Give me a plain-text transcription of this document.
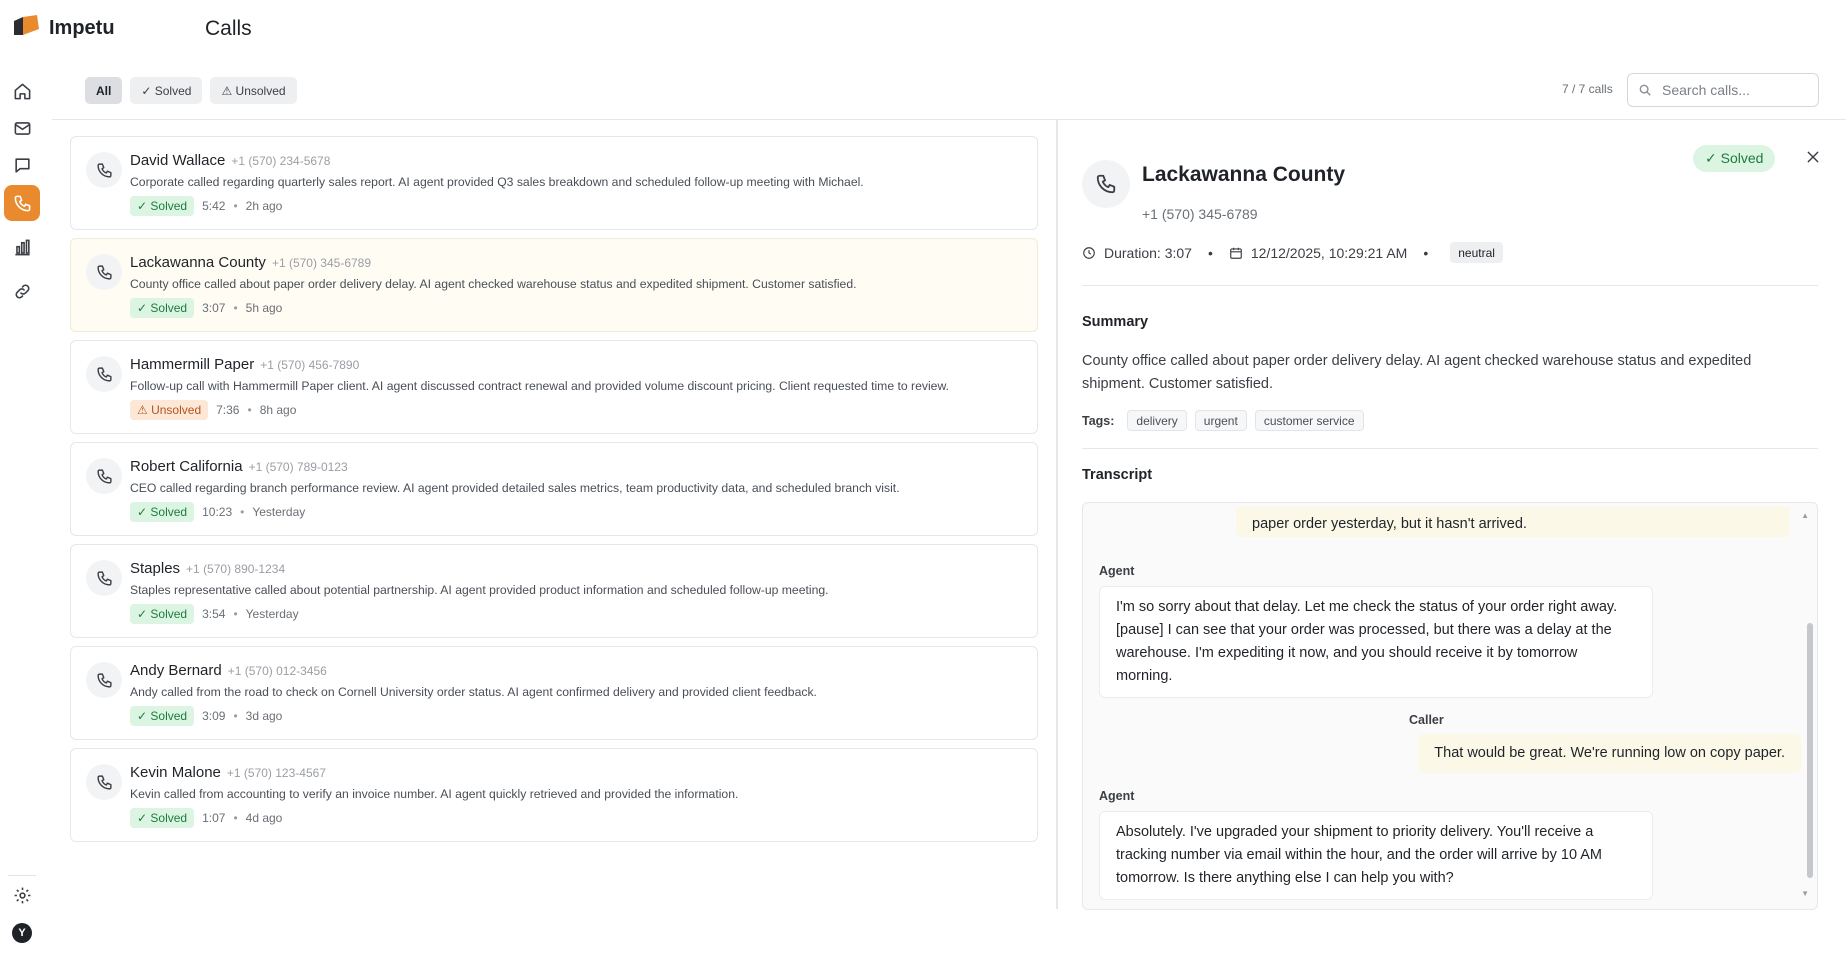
Y
Impetu	Calls
All	✓ Solved	⚠ Unsolved	7 / 7 calls
Search calls...
David Wallace +1 (570) 234-5678
Corporate called regarding quarterly sales report. AI agent provided Q3 sales breakdown and scheduled follow-up meeting with Michael.
✓ Solved	5:42 • 2h ago
Lackawanna County +1 (570) 345-6789
County office called about paper order delivery delay. AI agent checked warehouse status and expedited shipment. Customer satisfied.
✓ Solved	3:07 • 5h ago
Hammermill Paper +1 (570) 456-7890
Follow-up call with Hammermill Paper client. AI agent discussed contract renewal and provided volume discount pricing. Client requested time to review.
⚠ Unsolved	7:36 • 8h ago
Robert California +1 (570) 789-0123
CEO called regarding branch performance review. AI agent provided detailed sales metrics, team productivity data, and scheduled branch visit.
✓ Solved	10:23 • Yesterday
Staples +1 (570) 890-1234
Staples representative called about potential partnership. AI agent provided product information and scheduled follow-up meeting.
✓ Solved	3:54 • Yesterday
Andy Bernard +1 (570) 012-3456
Andy called from the road to check on Cornell University order status. AI agent confirmed delivery and provided client feedback.
✓ Solved	3:09 • 3d ago
Kevin Malone +1 (570) 123-4567
Kevin called from accounting to verify an invoice number. AI agent quickly retrieved and provided the information.
✓ Solved	1:07 • 4d ago
Lackawanna County
+1 (570) 345-6789
✓ Solved
Duration: 3:07 •	12/12/2025, 10:29:21 AM •	neutral
Summary

County office called about paper order delivery delay. AI agent checked warehouse status and expedited shipment. Customer satisfied.

Tags:	delivery	urgent	customer service
Transcript
paper order yesterday, but it hasn't arrived.
Agent
I'm so sorry about that delay. Let me check the status of your order right away. [pause] I can see that your order was processed, but there was a delay at the warehouse. I'm expediting it now, and you should receive it by tomorrow morning.
Caller
That would be great. We're running low on copy paper.
Agent
Absolutely. I've upgraded your shipment to priority delivery. You'll receive a tracking number via email within the hour, and the order will arrive by 10 AM tomorrow. Is there anything else I can help you with?
▲
▼
